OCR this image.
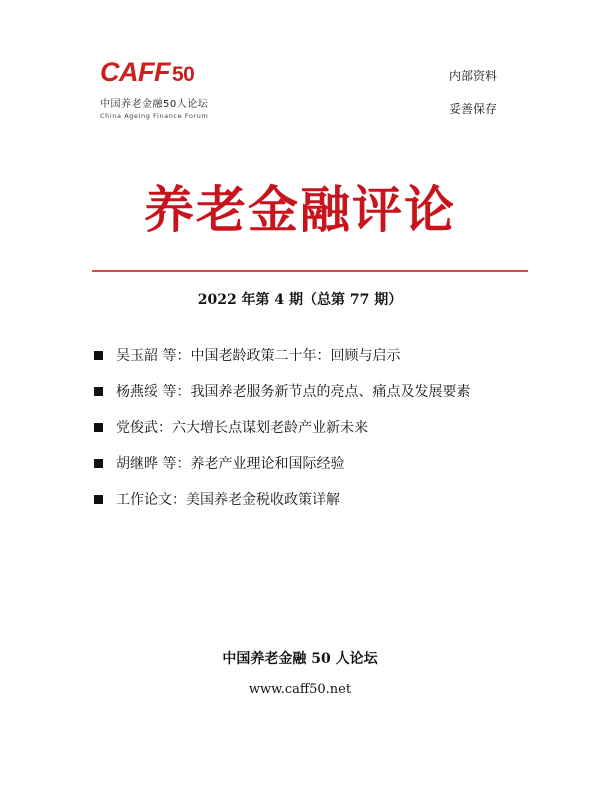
CAFF50
中国养老金融50人论坛
China Ageing Finance Forum
内部资料
妥善保存
养老金融评论
2022 年第 4 期（总第 77 期）
吴玉韶 等：中国老龄政策二十年：回顾与启示
杨燕绥 等：我国养老服务新节点的亮点、痛点及发展要素
党俊武：六大增长点谋划老龄产业新未来
胡继晔 等：养老产业理论和国际经验
工作论文：美国养老金税收政策详解
中国养老金融 50 人论坛
www.caff50.net
